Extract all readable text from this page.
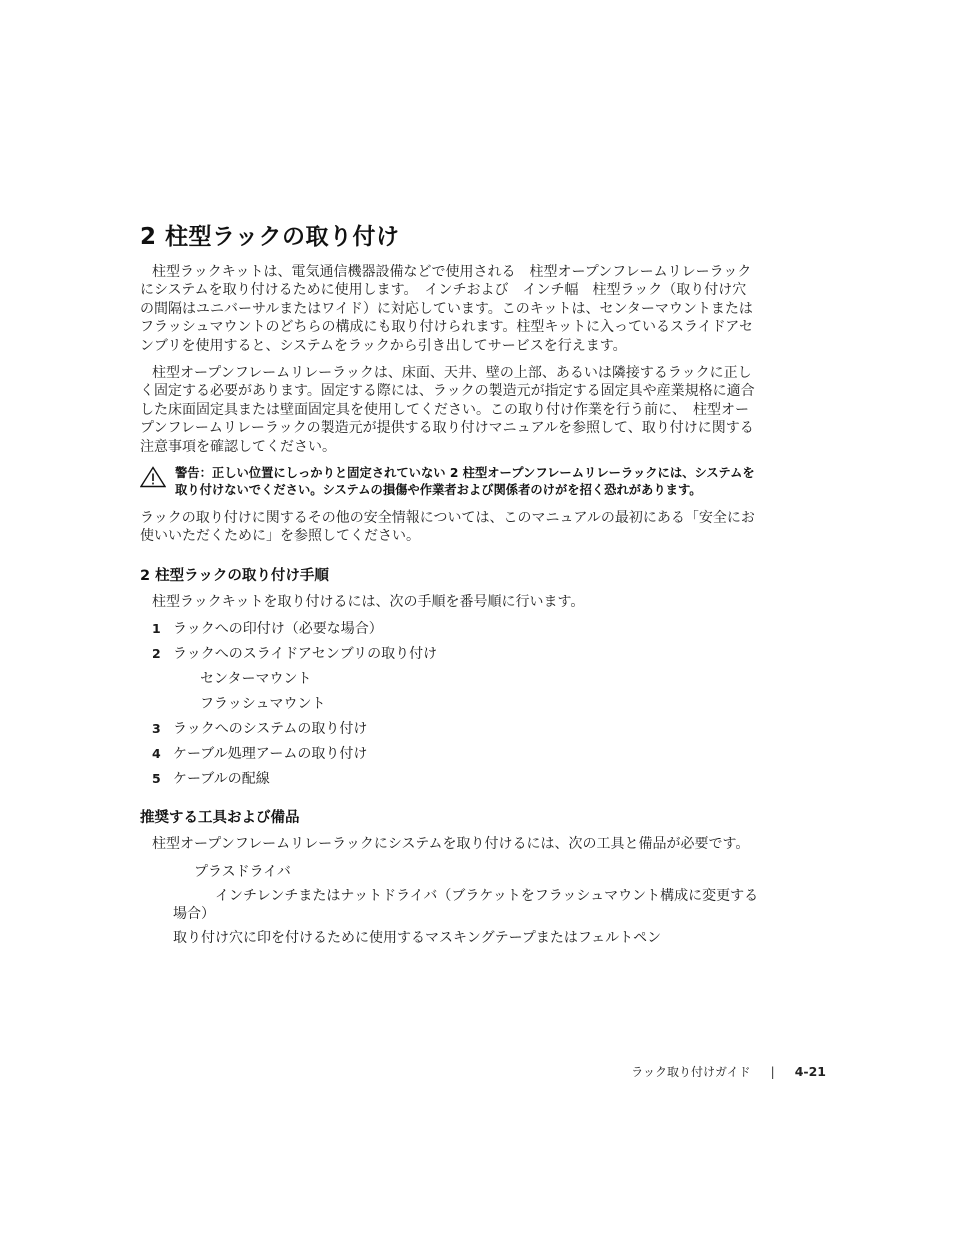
2 柱型ラックの取り付け

柱型ラックキットは、電気通信機器設備などで使用される　柱型オープンフレームリレーラックにシステムを取り付けるために使用します。　インチおよび　インチ幅　柱型ラック（取り付け穴の間隔はユニバーサルまたはワイド）に対応しています。このキットは、センターマウントまたはフラッシュマウントのどちらの構成にも取り付けられます。柱型キットに入っているスライドアセンブリを使用すると、システムをラックから引き出してサービスを行えます。

柱型オープンフレームリレーラックは、床面、天井、壁の上部、あるいは隣接するラックに正しく固定する必要があります。固定する際には、ラックの製造元が指定する固定具や産業規格に適合した床面固定具または壁面固定具を使用してください。この取り付け作業を行う前に、　柱型オープンフレームリレーラックの製造元が提供する取り付けマニュアルを参照して、取り付けに関する注意事項を確認してください。

警告：正しい位置にしっかりと固定されていない 2 柱型オープンフレームリレーラックには、システムを取り付けないでください。システムの損傷や作業者および関係者のけがを招く恐れがあります。

ラックの取り付けに関するその他の安全情報については、このマニュアルの最初にある「安全にお使いいただくために」を参照してください。

2 柱型ラックの取り付け手順

柱型ラックキットを取り付けるには、次の手順を番号順に行います。

1 ラックへの印付け（必要な場合）
2 ラックへのスライドアセンブリの取り付け
センターマウント
フラッシュマウント
3 ラックへのシステムの取り付け
4 ケーブル処理アームの取り付け
5 ケーブルの配線
推奨する工具および備品

柱型オープンフレームリレーラックにシステムを取り付けるには、次の工具と備品が必要です。

プラスドライバ
インチレンチまたはナットドライバ（ブラケットをフラッシュマウント構成に変更する場合）
取り付け穴に印を付けるために使用するマスキングテープまたはフェルトペン
ラック取り付けガイド | 4-21
